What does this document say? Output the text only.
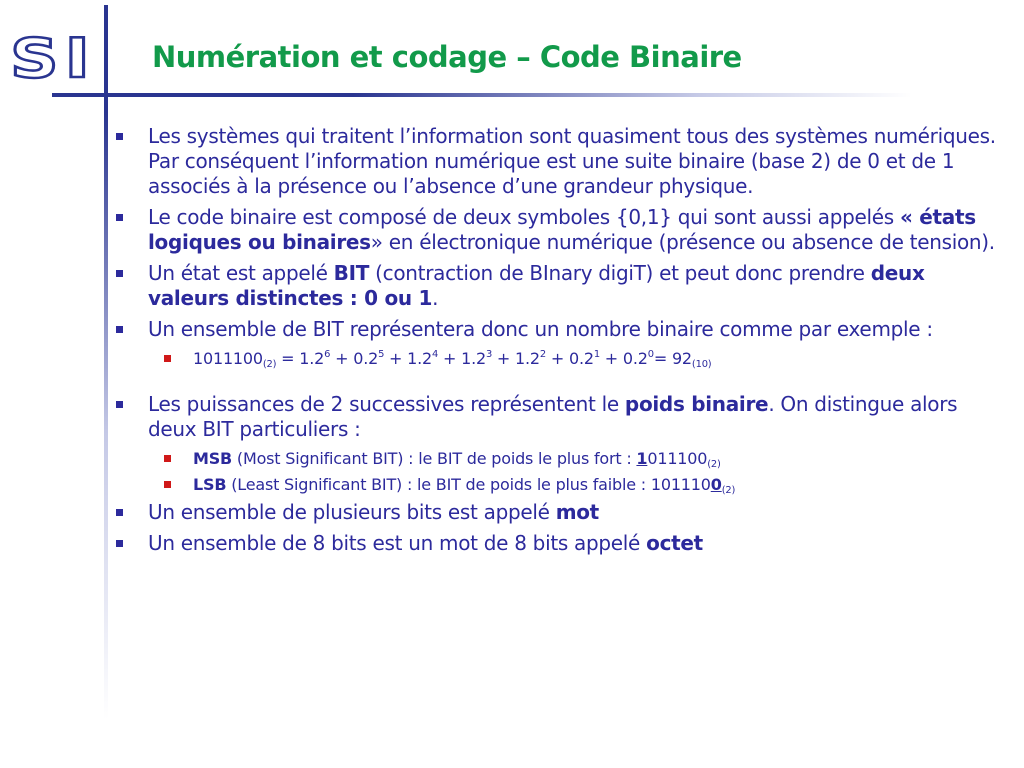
SI Numération et codage – Code Binaire
Les systèmes qui traitent l’information sont quasiment tous des systèmes numériques. Par conséquent l’information numérique est une suite binaire (base 2) de 0 et de 1 associés à la présence ou l’absence d’une grandeur physique.
Le code binaire est composé de deux symboles {0,1} qui sont aussi appelés « états logiques ou binaires» en électronique numérique (présence ou absence de tension).
Un état est appelé BIT (contraction de BInary digiT) et peut donc prendre deux valeurs distinctes : 0 ou 1.
Un ensemble de BIT représentera donc un nombre binaire comme par exemple :
$1011100_{(2)} = 1.2^6 + 0.2^5 + 1.2^4 + 1.2^3 + 1.2^2 + 0.2^1 + 0.2^0= 92_{(10)}$
Les puissances de 2 successives représentent le poids binaire. On distingue alors deux BIT particuliers :
MSB (Most Significant BIT) : le BIT de poids le plus fort : $1011100_{(2)}$
LSB (Least Significant BIT) : le BIT de poids le plus faible : $1011100_{(2)}$
Un ensemble de plusieurs bits est appelé mot
Un ensemble de 8 bits est un mot de 8 bits appelé octet
